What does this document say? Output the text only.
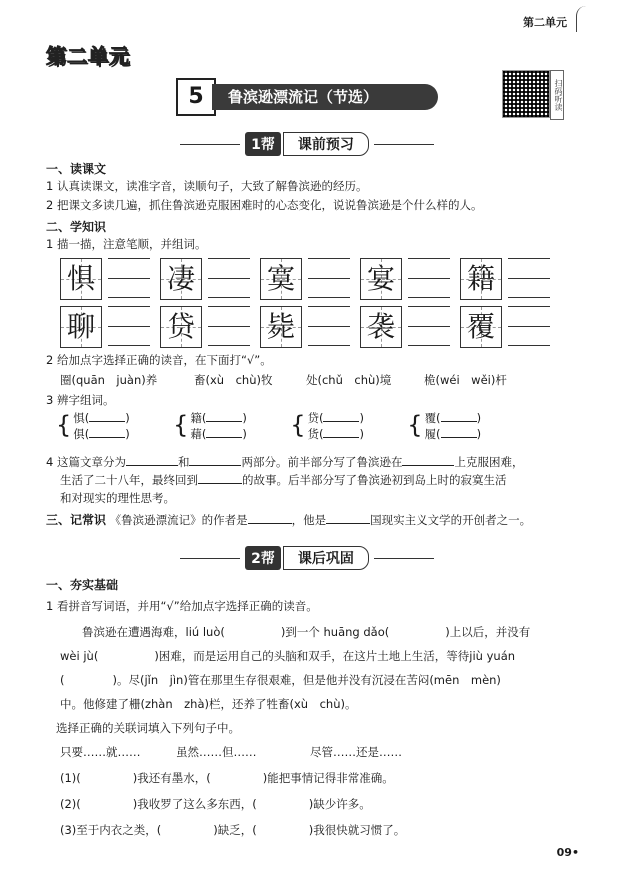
第二单元
第二单元
5	鲁滨逊漂流记（节选）	扫码听读
1帮 课前预习
一、读课文
1 认真读课文，读准字音，读顺句子，大致了解鲁滨逊的经历。
2 把课文多读几遍，抓住鲁滨逊克服困难时的心态变化，说说鲁滨逊是个什么样的人。
二、学知识
1 描一描，注意笔顺，并组词。
惧	凄	寞	宴	籍
聊	贷	毙	袭	覆
2 给加点字选择正确的读音，在下面打“√”。
圈(quān　juàn)养	畜(xù　chù)牧	处(chǔ　chù)境	桅(wéi　wěi)杆
3 辨字组词。
{ 惧(	)
俱(	)
	{ 籍(	)
藉(	)
	{ 贷(	)
货(	)
	{ 覆(	)
履(	)
4 这篇文章分为	和	两部分。前半部分写了鲁滨逊在	上克服困难，
生活了二十八年，最终回到	的故事。后半部分写了鲁滨逊初到岛上时的寂寞生活
和对现实的理性思考。
三、记常识 《鲁滨逊漂流记》的作者是	，他是	国现实主义文学的开创者之一。
2帮 课后巩固
一、夯实基础
1 看拼音写词语，并用“√”给加点字选择正确的读音。
鲁滨逊在遭遇海难，liú luò(	)到一个 huāng dǎo(	)上以后，并没有
wèi jù(	)困难，而是运用自己的头脑和双手，在这片土地上生活，等待jiù yuán
(	)。尽(jǐn　jìn)管在那里生存很艰难，但是他并没有沉浸在苦闷(mēn　mèn)
中。他修建了栅(zhàn　zhà)栏，还养了牲畜(xù　chù)。
选择正确的关联词填入下列句子中。
只要……就……	虽然……但……	尽管……还是……
(1)(	)我还有墨水，(	)能把事情记得非常准确。
(2)(	)我收罗了这么多东西，(	)缺少许多。
(3)至于内衣之类，(	)缺乏，(	)我很快就习惯了。
09•
